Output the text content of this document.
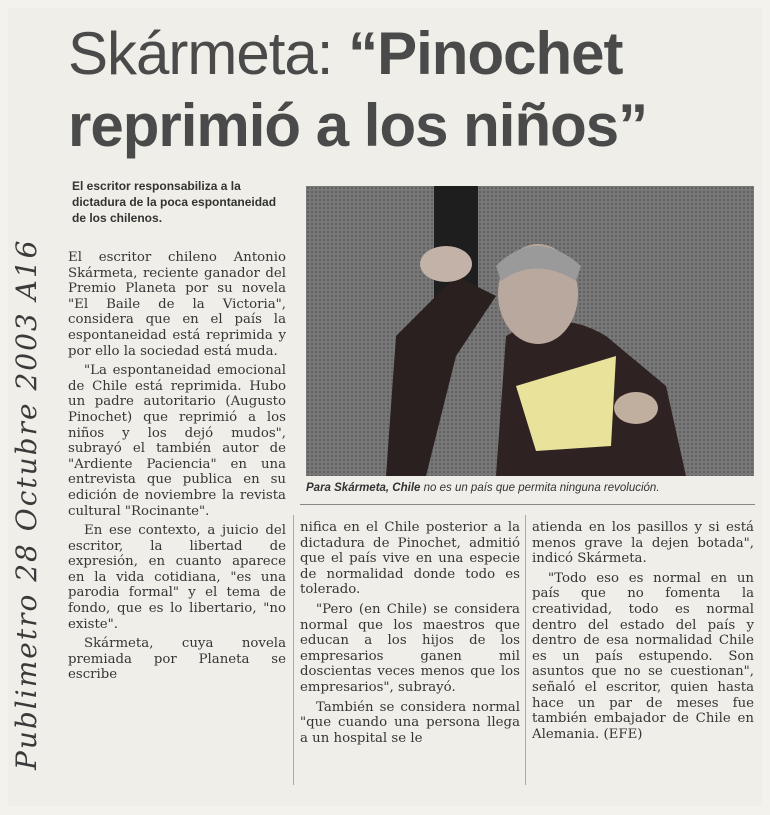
Publimetro 28 Octubre 2003 A16
Skármeta: “Pinochet
reprimió a los niños”
El escritor responsabiliza a la dictadura de la poca espontaneidad de los chilenos.

El escritor chileno Antonio Skármeta, reciente ganador del Premio Planeta por su novela "El Baile de la Victoria", considera que en el país la espontaneidad está reprimida y por ello la sociedad está muda.

"La espontaneidad emocional de Chile está reprimida. Hubo un padre autoritario (Augusto Pinochet) que reprimió a los niños y los dejó mudos", subrayó el también autor de "Ardiente Paciencia" en una entrevista que publica en su edición de noviembre la revista cultural "Rocinante".

En ese contexto, a juicio del escritor, la libertad de expresión, en cuanto aparece en la vida cotidiana, "es una parodia formal" y el tema de fondo, que es lo libertario, "no existe".

Skármeta, cuya novela premiada por Planeta se escribe

Para Skármeta, Chile no es un país que permita ninguna revolución.

nifica en el Chile posterior a la dictadura de Pinochet, admitió que el país vive en una especie de normalidad donde todo es tolerado.

"Pero (en Chile) se considera normal que los maestros que educan a los hijos de los empresarios ganen mil doscientas veces menos que los empresarios", subrayó.

También se considera normal "que cuando una persona llega a un hospital se le

atienda en los pasillos y si está menos grave la dejen botada", indicó Skármeta.

"Todo eso es normal en un país que no fomenta la creatividad, todo es normal dentro del estado del país y dentro de esa normalidad Chile es un país estupendo. Son asuntos que no se cuestionan", señaló el escritor, quien hasta hace un par de meses fue también embajador de Chile en Alemania. (EFE)
